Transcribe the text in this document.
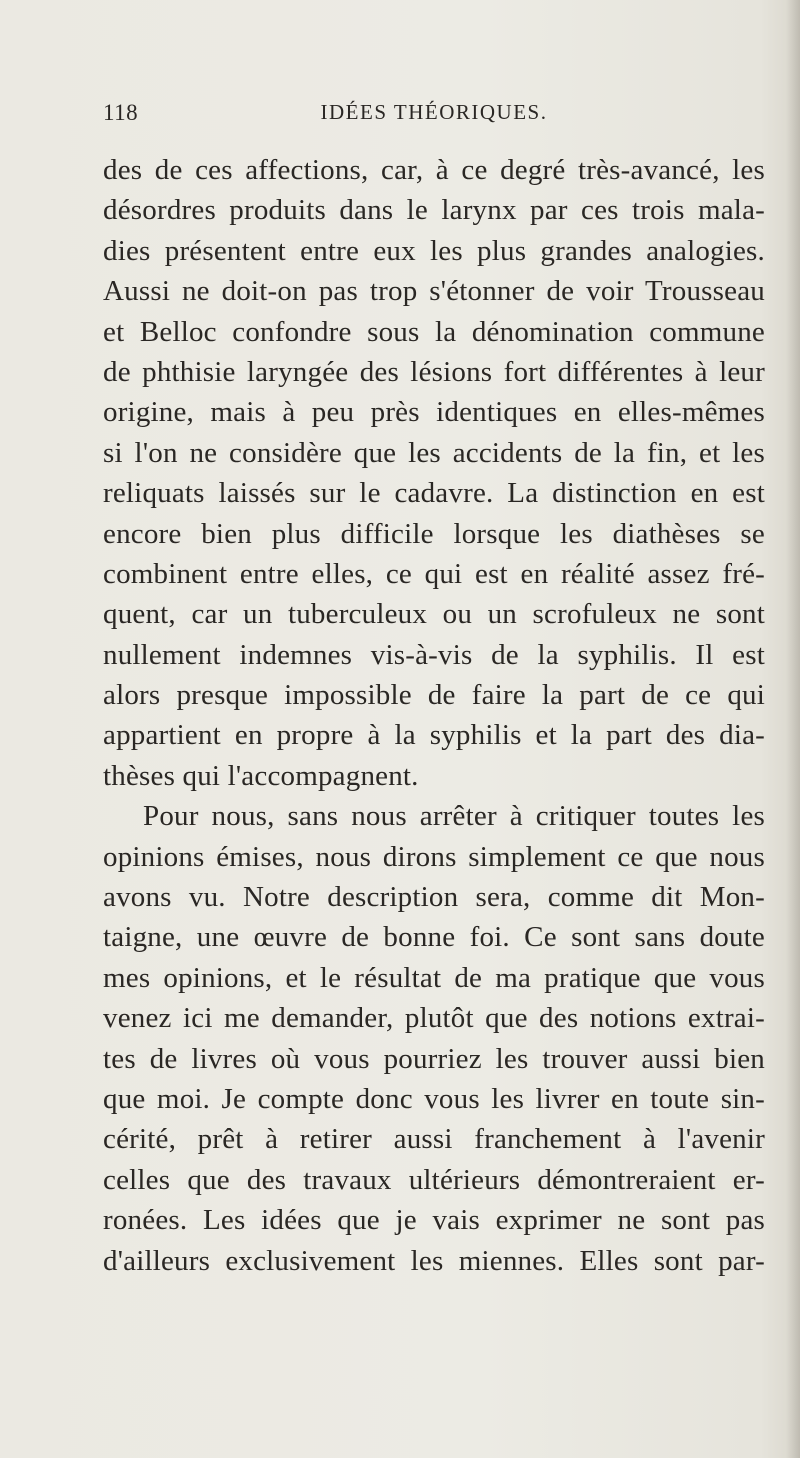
118	IDÉES THÉORIQUES.
des de ces affections, car, à ce degré très-avancé, les
désordres produits dans le larynx par ces trois mala-
dies présentent entre eux les plus grandes analogies.
Aussi ne doit-on pas trop s'étonner de voir Trousseau
et Belloc confondre sous la dénomination commune
de phthisie laryngée des lésions fort différentes à leur
origine, mais à peu près identiques en elles-mêmes
si l'on ne considère que les accidents de la fin, et les
reliquats laissés sur le cadavre. La distinction en est
encore bien plus difficile lorsque les diathèses se
combinent entre elles, ce qui est en réalité assez fré-
quent, car un tuberculeux ou un scrofuleux ne sont
nullement indemnes vis-à-vis de la syphilis. Il est
alors presque impossible de faire la part de ce qui
appartient en propre à la syphilis et la part des dia-
thèses qui l'accompagnent.
Pour nous, sans nous arrêter à critiquer toutes les
opinions émises, nous dirons simplement ce que nous
avons vu. Notre description sera, comme dit Mon-
taigne, une œuvre de bonne foi. Ce sont sans doute
mes opinions, et le résultat de ma pratique que vous
venez ici me demander, plutôt que des notions extrai-
tes de livres où vous pourriez les trouver aussi bien
que moi. Je compte donc vous les livrer en toute sin-
cérité, prêt à retirer aussi franchement à l'avenir
celles que des travaux ultérieurs démontreraient er-
ronées. Les idées que je vais exprimer ne sont pas
d'ailleurs exclusivement les miennes. Elles sont par-
